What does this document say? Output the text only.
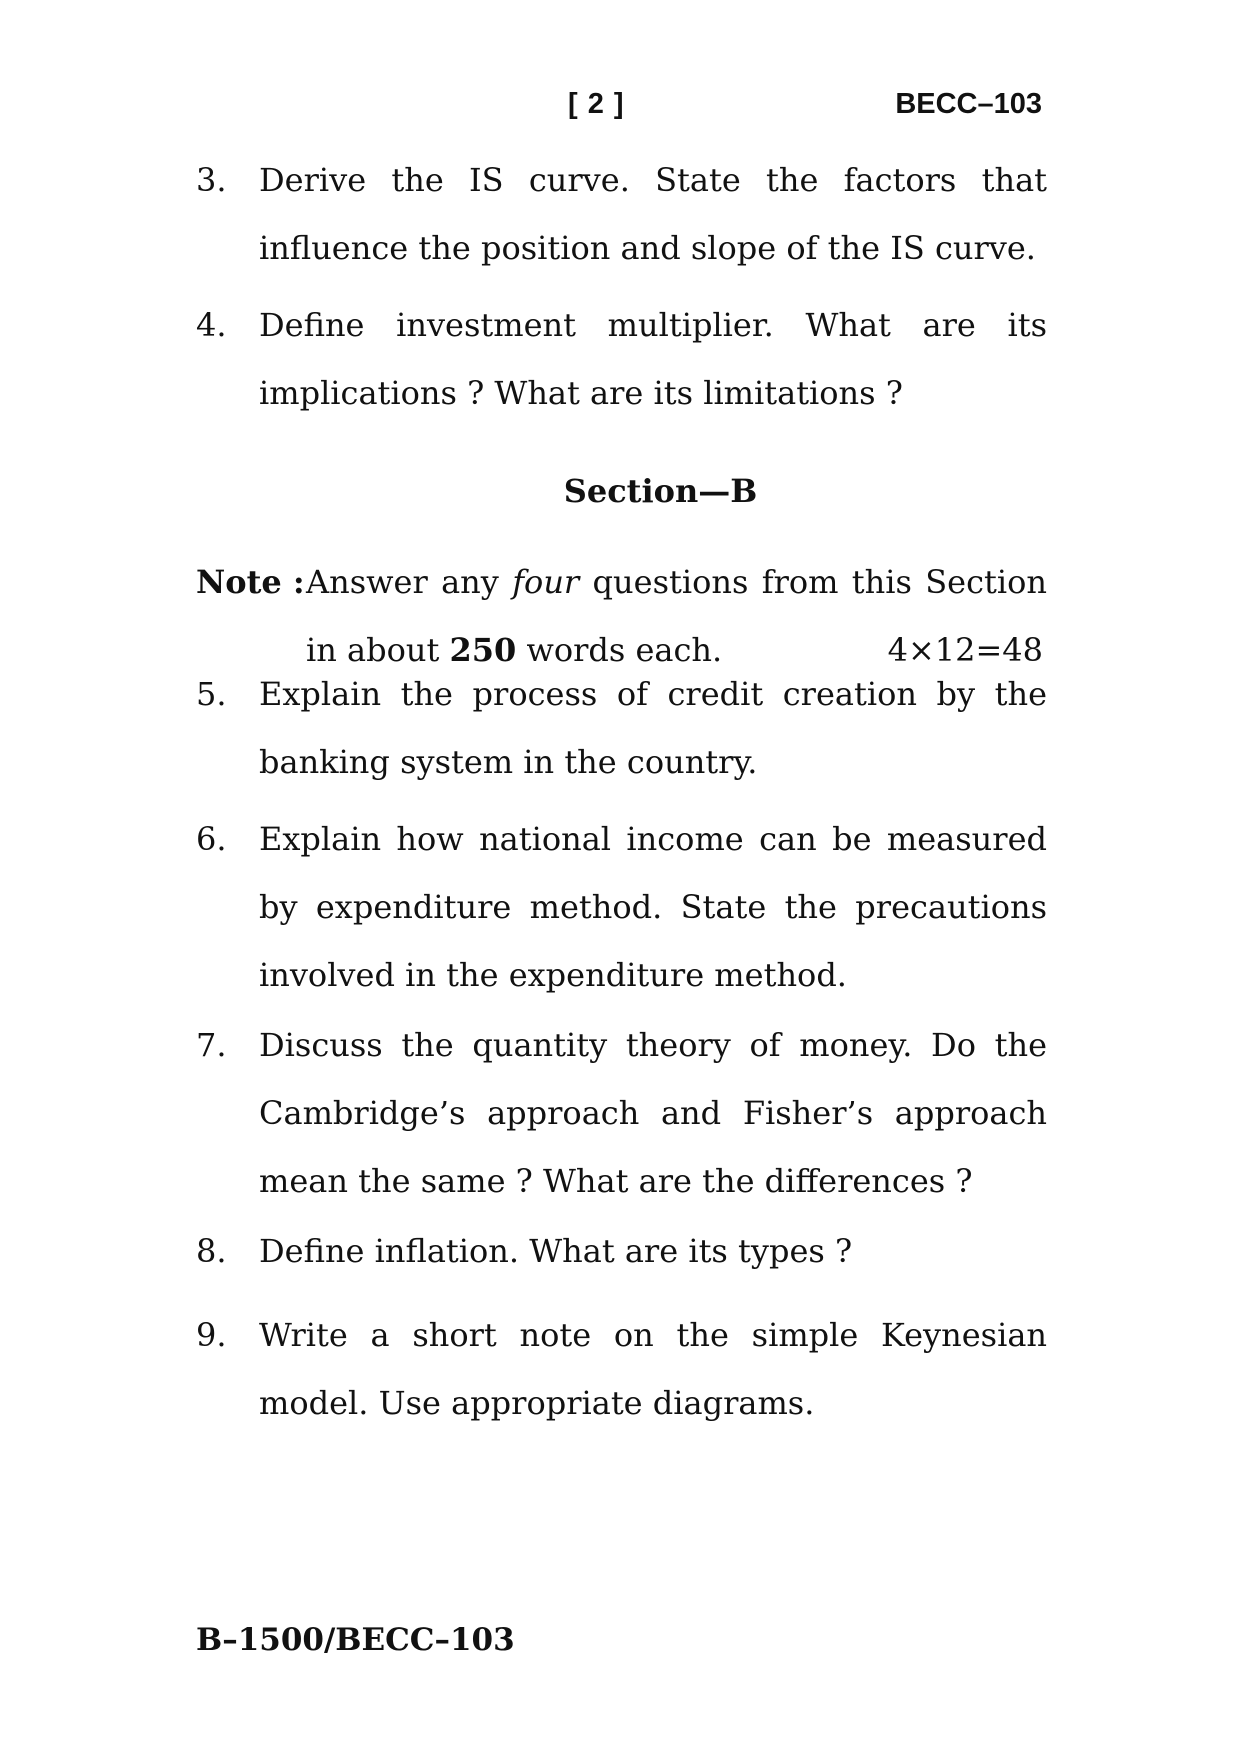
[ 2 ]	BECC–103
3. Derive the IS curve. State the factors that influence the position and slope of the IS curve.
4. Define investment multiplier. What are its implications ? What are its limitations ?
Section—B
Note : Answer any four questions from this Section
in about 250 words each.	4×12=48
5. Explain the process of credit creation by the banking system in the country.
6. Explain how national income can be measured by expenditure method. State the precautions involved in the expenditure method.
7. Discuss the quantity theory of money. Do the Cambridge’s approach and Fisher’s approach mean the same ? What are the differences ?
8. Define inflation. What are its types ?
9. Write a short note on the simple Keynesian model. Use appropriate diagrams.
B–1500/BECC–103
